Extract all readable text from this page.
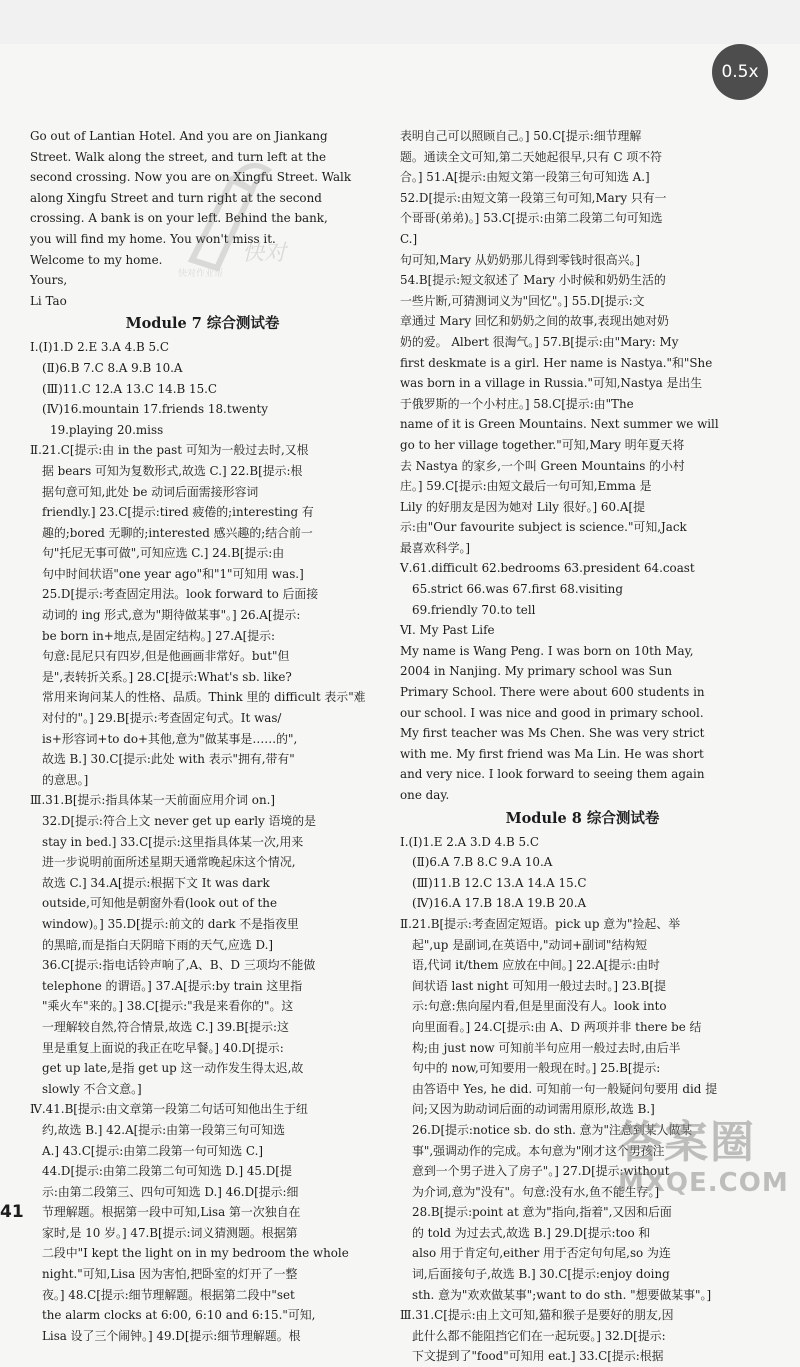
0.5x

Go out of Lantian Hotel. And you are on Jiankang

Street. Walk along the street, and turn left at the

second crossing. Now you are on Xingfu Street. Walk

along Xingfu Street and turn right at the second

crossing. A bank is on your left. Behind the bank,

you will find my home. You won't miss it.

Welcome to my home.

Yours,

Li Tao

Module 7 综合测试卷

Ⅰ.(Ⅰ)1.D 2.E 3.A 4.B 5.C

(Ⅱ)6.B 7.C 8.A 9.B 10.A

(Ⅲ)11.C 12.A 13.C 14.B 15.C

(Ⅳ)16.mountain 17.friends 18.twenty

19.playing 20.miss

Ⅱ.21.C[提示:由 in the past 可知为一般过去时,又根

据 bears 可知为复数形式,故选 C.] 22.B[提示:根

据句意可知,此处 be 动词后面需接形容词

friendly.] 23.C[提示:tired 疲倦的;interesting 有

趣的;bored 无聊的;interested 感兴趣的;结合前一

句"托尼无事可做",可知应选 C.] 24.B[提示:由

句中时间状语"one year ago"和"1"可知用 was.]

25.D[提示:考查固定用法。look forward to 后面接

动词的 ing 形式,意为"期待做某事"。] 26.A[提示:

be born in+地点,是固定结构。] 27.A[提示:

句意:昆尼只有四岁,但是他画画非常好。but"但

是",表转折关系。] 28.C[提示:What's sb. like?

常用来询问某人的性格、品质。Think 里的 difficult 表示"难

对付的"。] 29.B[提示:考查固定句式。It was/

is+形容词+to do+其他,意为"做某事是……的",

故选 B.] 30.C[提示:此处 with 表示"拥有,带有"

的意思。]

Ⅲ.31.B[提示:指具体某一天前面应用介词 on.]

32.D[提示:符合上文 never get up early 语境的是

stay in bed.] 33.C[提示:这里指具体某一次,用来

进一步说明前面所述星期天通常晚起床这个情况,

故选 C.] 34.A[提示:根据下文 It was dark

outside,可知他是朝窗外看(look out of the

window)。] 35.D[提示:前文的 dark 不是指夜里

的黑暗,而是指白天阴暗下雨的天气,应选 D.]

36.C[提示:指电话铃声响了,A、B、D 三项均不能做

telephone 的谓语。] 37.A[提示:by train 这里指

"乘火车"来的。] 38.C[提示:"我是来看你的"。这

一理解较自然,符合情景,故选 C.] 39.B[提示:这

里是重复上面说的我正在吃早餐。] 40.D[提示:

get up late,是指 get up 这一动作发生得太迟,故

slowly 不合文意。]

Ⅳ.41.B[提示:由文章第一段第二句话可知他出生于纽

约,故选 B.] 42.A[提示:由第一段第三句可知选

A.] 43.C[提示:由第二段第一句可知选 C.]

44.D[提示:由第二段第二句可知选 D.] 45.D[提

示:由第二段第三、四句可知选 D.] 46.D[提示:细

节理解题。根据第一段中可知,Lisa 第一次独自在

家时,是 10 岁。] 47.B[提示:词义猜测题。根据第

二段中"I kept the light on in my bedroom the whole

night."可知,Lisa 因为害怕,把卧室的灯开了一整

夜。] 48.C[提示:细节理解题。根据第二段中"set

the alarm clocks at 6:00, 6:10 and 6:15."可知,

Lisa 设了三个闹钟。] 49.D[提示:细节理解题。根

表明自己可以照顾自己。] 50.C[提示:细节理解

题。通读全文可知,第二天她起很早,只有 C 项不符

合。] 51.A[提示:由短文第一段第三句可知选 A.]

52.D[提示:由短文第一段第三句可知,Mary 只有一

个哥哥(弟弟)。] 53.C[提示:由第二段第二句可知选

C.]

句可知,Mary 从奶奶那儿得到零钱时很高兴。]

54.B[提示:短文叙述了 Mary 小时候和奶奶生活的

一些片断,可猜测词义为"回忆"。] 55.D[提示:文

章通过 Mary 回忆和奶奶之间的故事,表现出她对奶

奶的爱。 Albert 很淘气。] 57.B[提示:由"Mary: My

first deskmate is a girl. Her name is Nastya."和"She

was born in a village in Russia."可知,Nastya 是出生

于俄罗斯的一个小村庄。] 58.C[提示:由"The

name of it is Green Mountains. Next summer we will

go to her village together."可知,Mary 明年夏天将

去 Nastya 的家乡,一个叫 Green Mountains 的小村

庄。] 59.C[提示:由短文最后一句可知,Emma 是

Lily 的好朋友是因为她对 Lily 很好。] 60.A[提

示:由"Our favourite subject is science."可知,Jack

最喜欢科学。]

Ⅴ.61.difficult 62.bedrooms 63.president 64.coast

65.strict 66.was 67.first 68.visiting

69.friendly 70.to tell

Ⅵ. My Past Life

My name is Wang Peng. I was born on 10th May,

2004 in Nanjing. My primary school was Sun

Primary School. There were about 600 students in

our school. I was nice and good in primary school.

My first teacher was Ms Chen. She was very strict

with me. My first friend was Ma Lin. He was short

and very nice. I look forward to seeing them again

one day.

Module 8 综合测试卷

Ⅰ.(Ⅰ)1.E 2.A 3.D 4.B 5.C

(Ⅱ)6.A 7.B 8.C 9.A 10.A

(Ⅲ)11.B 12.C 13.A 14.A 15.C

(Ⅳ)16.A 17.B 18.A 19.B 20.A

Ⅱ.21.B[提示:考查固定短语。pick up 意为"捡起、举

起",up 是副词,在英语中,"动词+副词"结构短

语,代词 it/them 应放在中间。] 22.A[提示:由时

间状语 last night 可知用一般过去时。] 23.B[提

示:句意:焦向屋内看,但是里面没有人。look into

向里面看。] 24.C[提示:由 A、D 两项并非 there be 结

构;由 just now 可知前半句应用一般过去时,由后半

句中的 now,可知要用一般现在时。] 25.B[提示:

由答语中 Yes, he did. 可知前一句一般疑问句要用 did 提

问;又因为助动词后面的动词需用原形,故选 B.]

26.D[提示:notice sb. do sth. 意为"注意到某人做某

事",强调动作的完成。本句意为"刚才这个男孩注

意到一个男子进入了房子"。] 27.D[提示:without

为介词,意为"没有"。句意:没有水,鱼不能生存。]

28.B[提示:point at 意为"指向,指着",又因和后面

的 told 为过去式,故选 B.] 29.D[提示:too 和

also 用于肯定句,either 用于否定句句尾,so 为连

词,后面接句子,故选 B.] 30.C[提示:enjoy doing

sth. 意为"欢欢做某事";want to do sth. "想要做某事"。]

Ⅲ.31.C[提示:由上文可知,猫和猴子是要好的朋友,因

此什么都不能阻挡它们在一起玩耍。] 32.D[提示:

下文提到了"food"可知用 eat.] 33.C[提示:根据

41
快对
快对作业帮
答案圈
MXQE.COM
